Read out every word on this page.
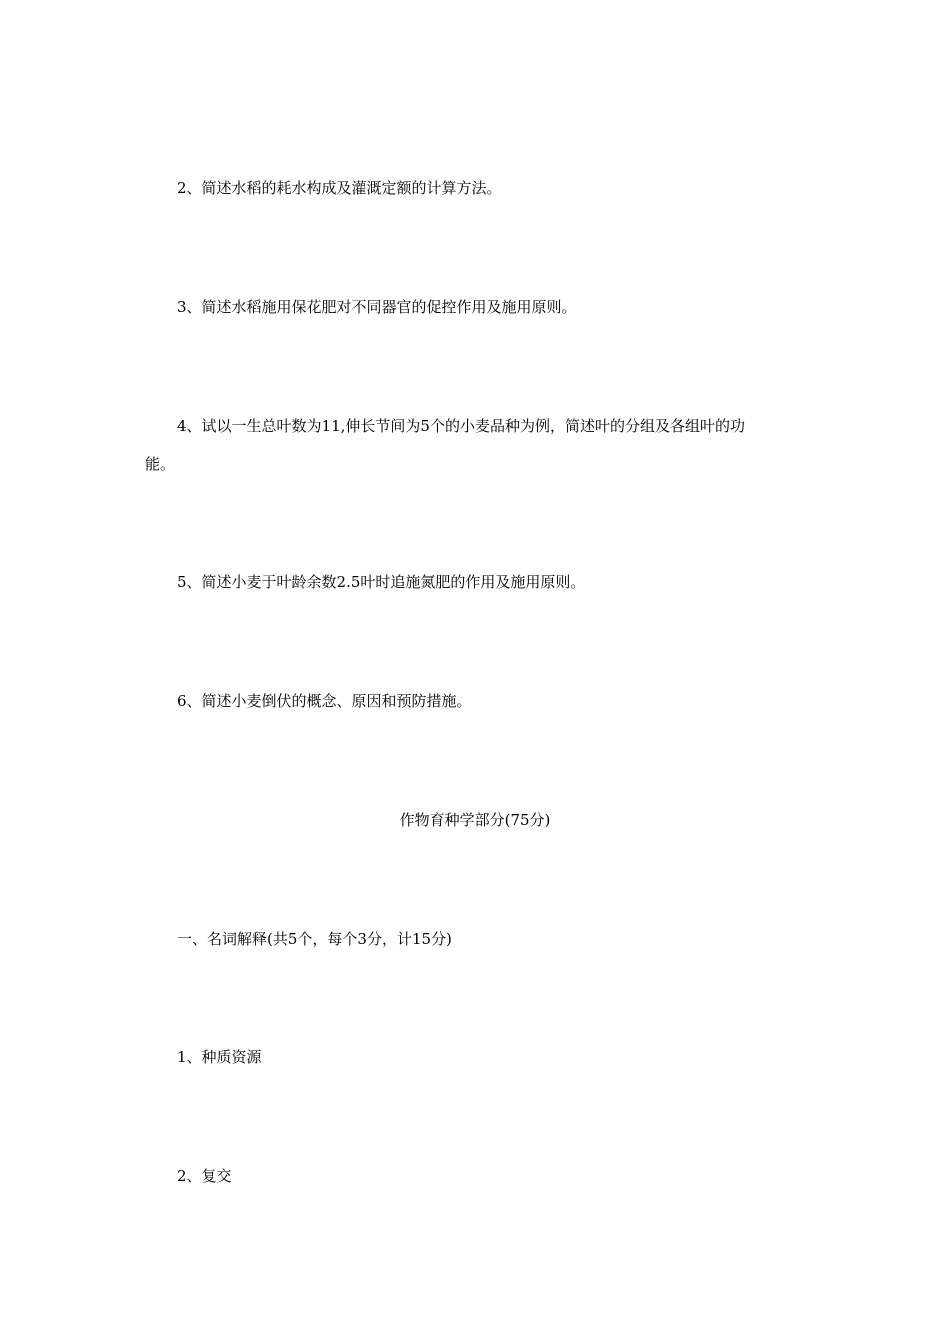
2、简述水稻的耗水构成及灌溉定额的计算方法。
3、简述水稻施用保花肥对不同器官的促控作用及施用原则。
4、试以一生总叶数为11,伸长节间为5个的小麦品种为例，简述叶的分组及各组叶的功
能。
5、简述小麦于叶龄余数2.5叶时追施氮肥的作用及施用原则。
6、简述小麦倒伏的概念、原因和预防措施。
作物育种学部分(75分)
一、名词解释(共5个，每个3分，计15分)
1、种质资源
2、复交
